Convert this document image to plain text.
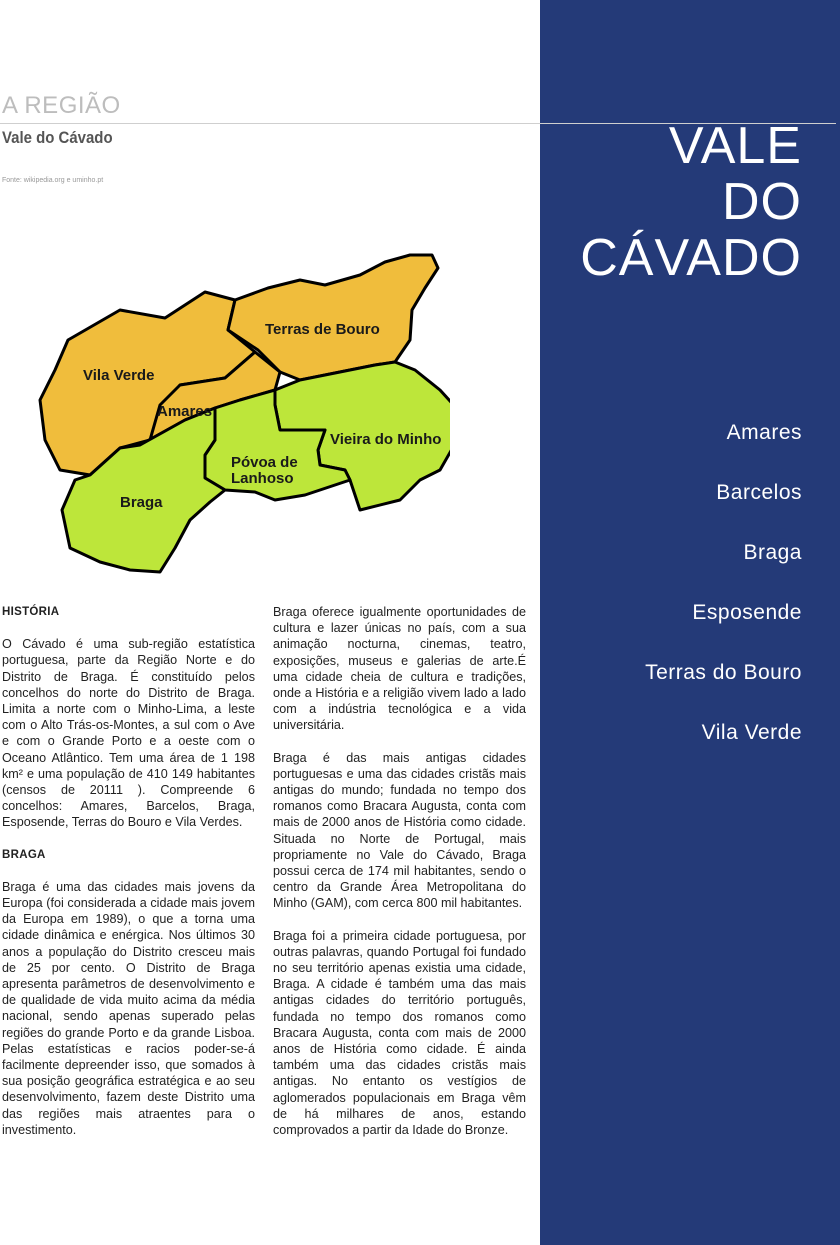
A REGIÃO
Vale do Cávado
Fonte: wikipedia.org e uminho.pt
VALE
DO
CÁVADO
Amares
Barcelos
Braga
Esposende
Terras do Bouro
Vila Verde
Terras de Bouro
Vila Verde
Amares
Vieira do Minho
Póvoa de
Lanhoso
Braga
HISTÓRIA

O Cávado é uma sub-região estatística portuguesa, parte da Região Norte e do Distrito de Braga. É constituído pelos concelhos do norte do Distrito de Braga. Limita a norte com o Minho-Lima, a leste com o Alto Trás-os-Montes, a sul com o Ave e com o Grande Porto e a oeste com o Oceano Atlântico. Tem uma área de 1 198 km² e uma população de 410 149 habitantes (censos de 20111 ). Compreende 6 concelhos: Amares, Barcelos, Braga, Esposende, Terras do Bouro e Vila Verdes.

BRAGA

Braga é uma das cidades mais jovens da Europa (foi considerada a cidade mais jovem da Europa em 1989), o que a torna uma cidade dinâmica e enérgica. Nos últimos 30 anos a população do Distrito cresceu mais de 25 por cento. O Distrito de Braga apresenta parâmetros de desenvolvimento e de qualidade de vida muito acima da média nacional, sendo apenas superado pelas regiões do grande Porto e da grande Lisboa. Pelas estatísticas e racios poder-se-á facilmente depreender isso, que somados à sua posição geográfica estratégica e ao seu desenvolvimento, fazem deste Distrito uma das regiões mais atraentes para o investimento.

Braga oferece igualmente oportunidades de cultura e lazer únicas no país, com a sua animação nocturna, cinemas, teatro, exposições, museus e galerias de arte.É uma cidade cheia de cultura e tradições, onde a História e a religião vivem lado a lado com a indústria tecnológica e a vida universitária.

Braga é das mais antigas cidades portuguesas e uma das cidades cristãs mais antigas do mundo; fundada no tempo dos romanos como Bracara Augusta, conta com mais de 2000 anos de História como cidade. Situada no Norte de Portugal, mais propriamente no Vale do Cávado, Braga possui cerca de 174 mil habitantes, sendo o centro da Grande Área Metropolitana do Minho (GAM), com cerca 800 mil habitantes.

Braga foi a primeira cidade portuguesa, por outras palavras, quando Portugal foi fundado no seu território apenas existia uma cidade, Braga. A cidade é também uma das mais antigas cidades do território português, fundada no tempo dos romanos como Bracara Augusta, conta com mais de 2000 anos de História como cidade. É ainda também uma das cidades cristãs mais antigas. No entanto os vestígios de aglomerados populacionais em Braga vêm de há milhares de anos, estando comprovados a partir da Idade do Bronze.
